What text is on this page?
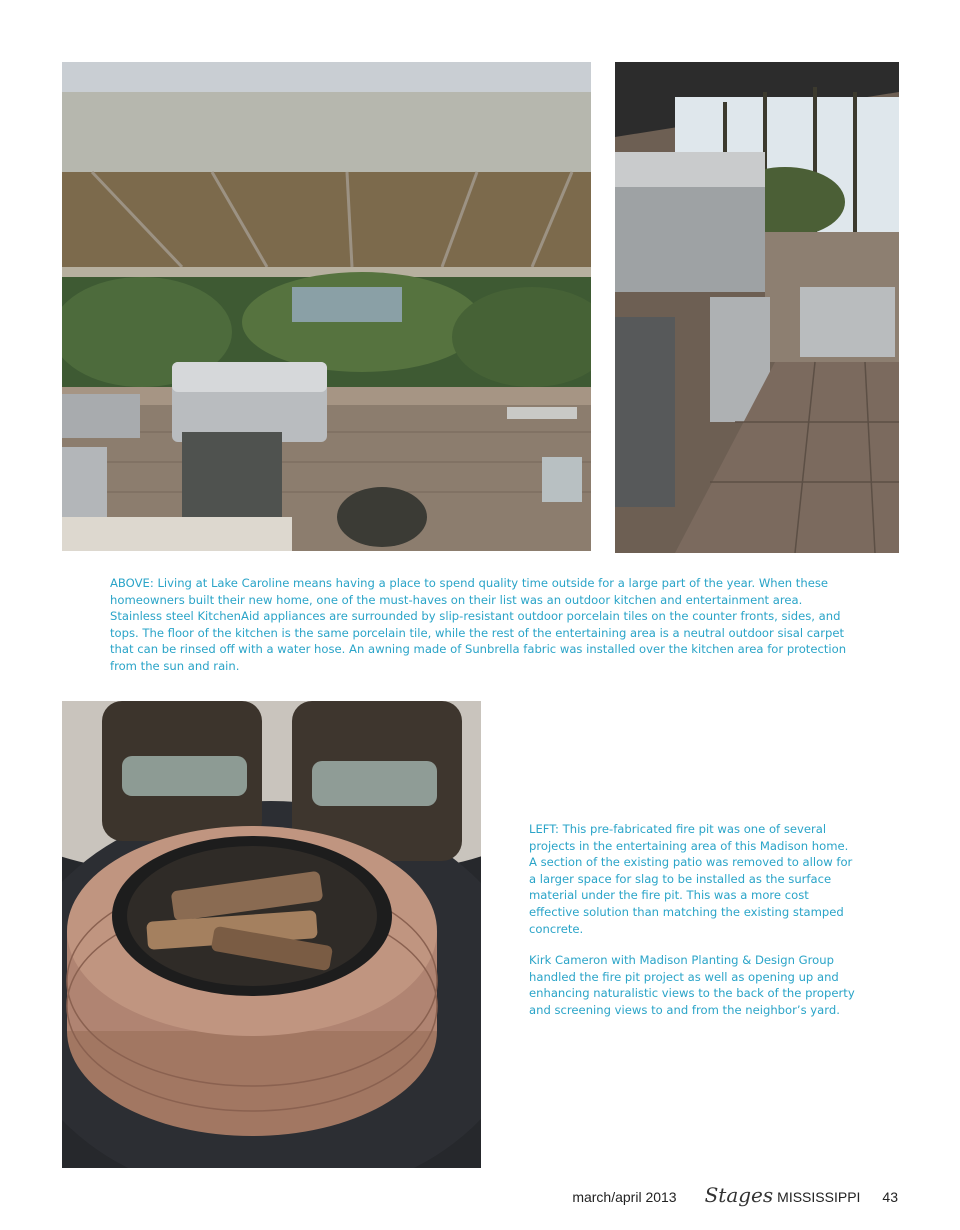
ABOVE: Living at Lake Caroline means having a place to spend quality time outside for a large part of the year. When these homeowners built their new home, one of the must-haves on their list was an outdoor kitchen and entertainment area. Stainless steel KitchenAid appliances are surrounded by slip-resistant outdoor porcelain tiles on the counter fronts, sides, and tops. The floor of the kitchen is the same porcelain tile, while the rest of the entertaining area is a neutral outdoor sisal carpet that can be rinsed off with a water hose. An awning made of Sunbrella fabric was installed over the kitchen area for protection from the sun and rain.

LEFT: This pre-fabricated fire pit was one of several projects in the entertaining area of this Madison home. A section of the existing patio was removed to allow for a larger space for slag to be installed as the surface material under the fire pit. This was a more cost effective solution than matching the existing stamped concrete.

Kirk Cameron with Madison Planting & Design Group handled the fire pit project as well as opening up and enhancing naturalistic views to the back of the property and screening views to and from the neighbor’s yard.

march/april 2013 Stages MISSISSIPPI 43
